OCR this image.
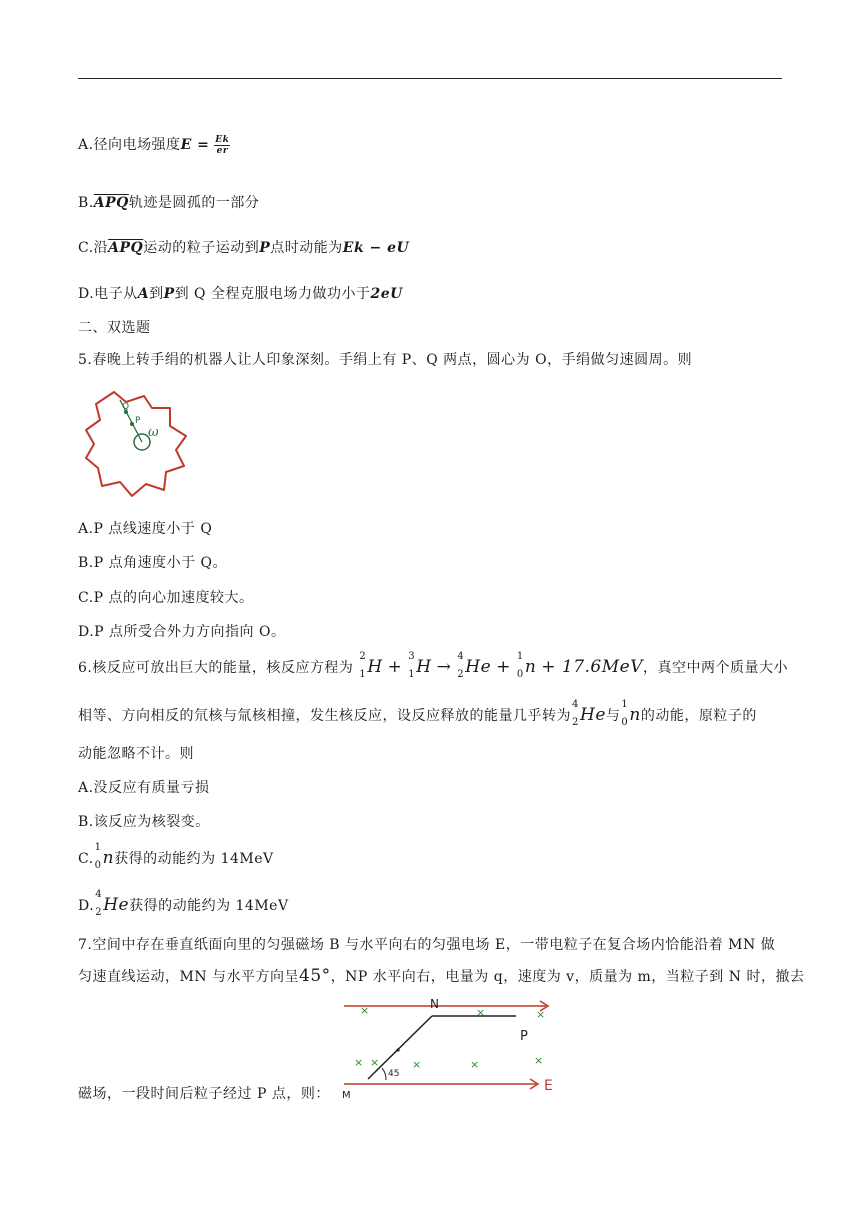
A.径向电场强度$E = \frac{Ek}{er}$
$B.\overline{APQ}$轨迹是圆孤的一部分
C.沿$\overline{APQ}$运动的粒子运动到P点时动能为Ek − eU
D.电子从A到P到 Q 全程克服电场力做功小于2eU
二、双选题
5.春晚上转手绢的机器人让人印象深刻。手绢上有 P、Q 两点，圆心为 O，手绢做匀速圆周。则
Q
P
ω
A.P 点线速度小于 Q
B.P 点角速度小于 Q。
C.P 点的向心加速度较大。
D.P 点所受合外力方向指向 O。
6.核反应可放出巨大的能量，核反应方程为
2
1 H +
3
1 H →
4
2 He +
1
0 n + 17.6MeV，真空中两个质量大小
相等、方向相反的氘核与氚核相撞，发生核反应，设反应释放的能量几乎转为
4
2 He与
1
0 n的动能，原粒子的
动能忽略不计。则
A.没反应有质量亏损
B.该反应为核裂变。
C.
1
0 n获得的动能约为 14MeV
D.
4
2 He获得的动能约为 14MeV
7.空间中存在垂直纸面向里的匀强磁场 B 与水平向右的匀强电场 E，一带电粒子在复合场内恰能沿着 MN 做
匀速直线运动，MN 与水平方向呈45°，NP 水平向右，电量为 q，速度为 v，质量为 m，当粒子到 N 时，撤去
×	×	×
×	×	×	×
×
N
P
M
E
45
磁场，一段时间后粒子经过 P 点，则：
